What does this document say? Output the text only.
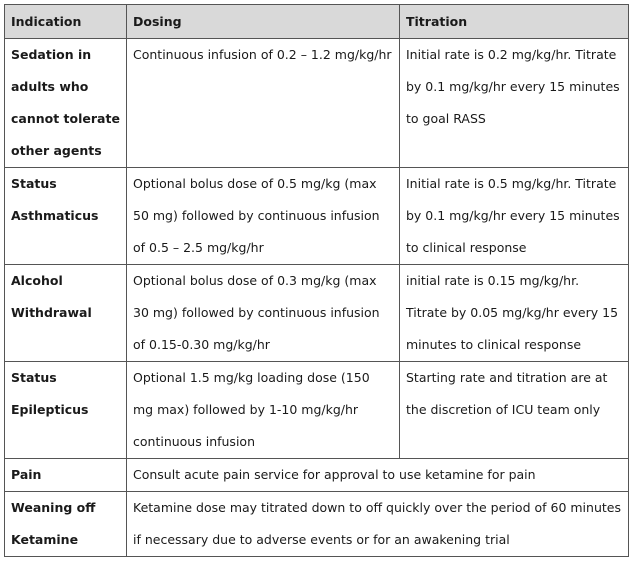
Indication	Dosing	Titration
Sedation in adults who cannot tolerate other agents	Continuous infusion of 0.2 – 1.2 mg/kg/hr	Initial rate is 0.2 mg/kg/hr. Titrate by 0.1 mg/kg/hr every 15 minutes to goal RASS
Status Asthmaticus	Optional bolus dose of 0.5 mg/kg (max 50 mg) followed by continuous infusion of 0.5 – 2.5 mg/kg/hr	Initial rate is 0.5 mg/kg/hr. Titrate by 0.1 mg/kg/hr every 15 minutes to clinical response
Alcohol Withdrawal	Optional bolus dose of 0.3 mg/kg (max 30 mg) followed by continuous infusion of 0.15-0.30 mg/kg/hr	initial rate is 0.15 mg/kg/hr. Titrate by 0.05 mg/kg/hr every 15 minutes to clinical response
Status Epilepticus	Optional 1.5 mg/kg loading dose (150 mg max) followed by 1-10 mg/kg/hr continuous infusion	Starting rate and titration are at the discretion of ICU team only
Pain	Consult acute pain service for approval to use ketamine for pain	
Weaning off Ketamine	Ketamine dose may titrated down to off quickly over the period of 60 minutes if necessary due to adverse events or for an awakening trial	
